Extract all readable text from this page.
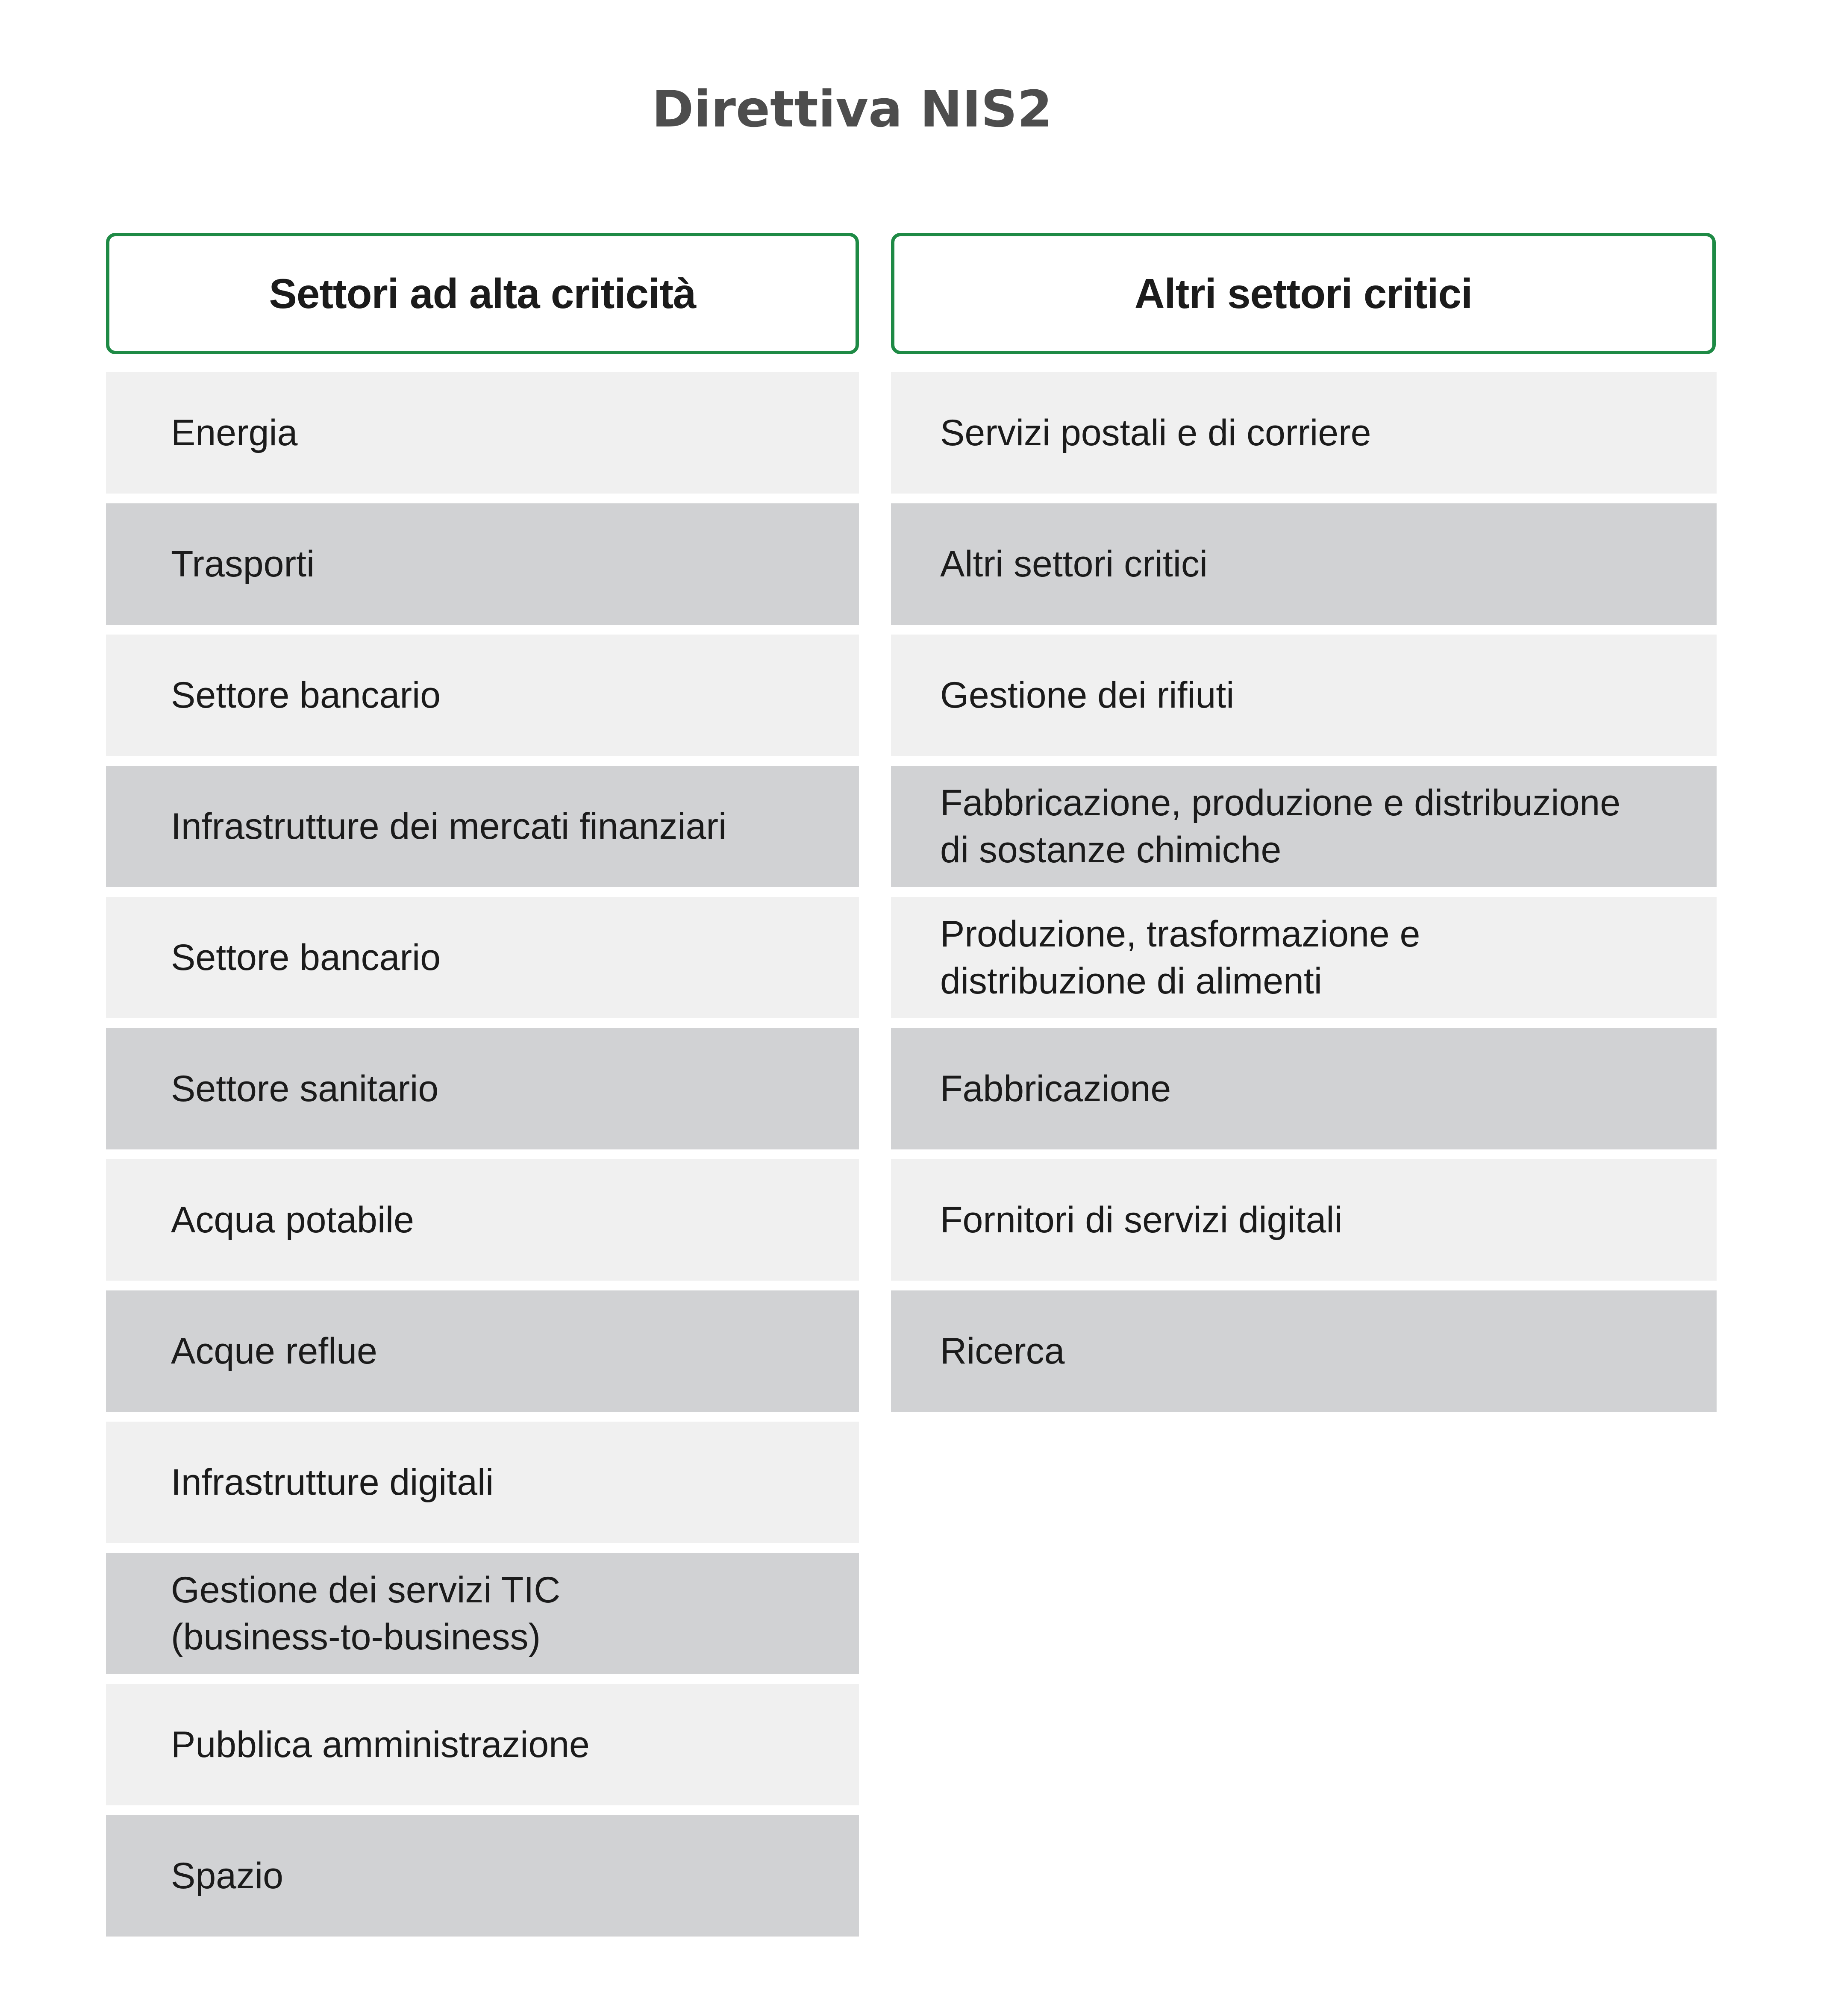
Direttiva NIS2
Settori ad alta criticità
Energia
Trasporti
Settore bancario
Infrastrutture dei mercati finanziari
Settore bancario
Settore sanitario
Acqua potabile
Acque reflue
Infrastrutture digitali
Gestione dei servizi TIC
(business-to-business)
Pubblica amministrazione
Spazio
Altri settori critici
Servizi postali e di corriere
Altri settori critici
Gestione dei rifiuti
Fabbricazione, produzione e distribuzione
di sostanze chimiche
Produzione, trasformazione e
distribuzione di alimenti
Fabbricazione
Fornitori di servizi digitali
Ricerca
